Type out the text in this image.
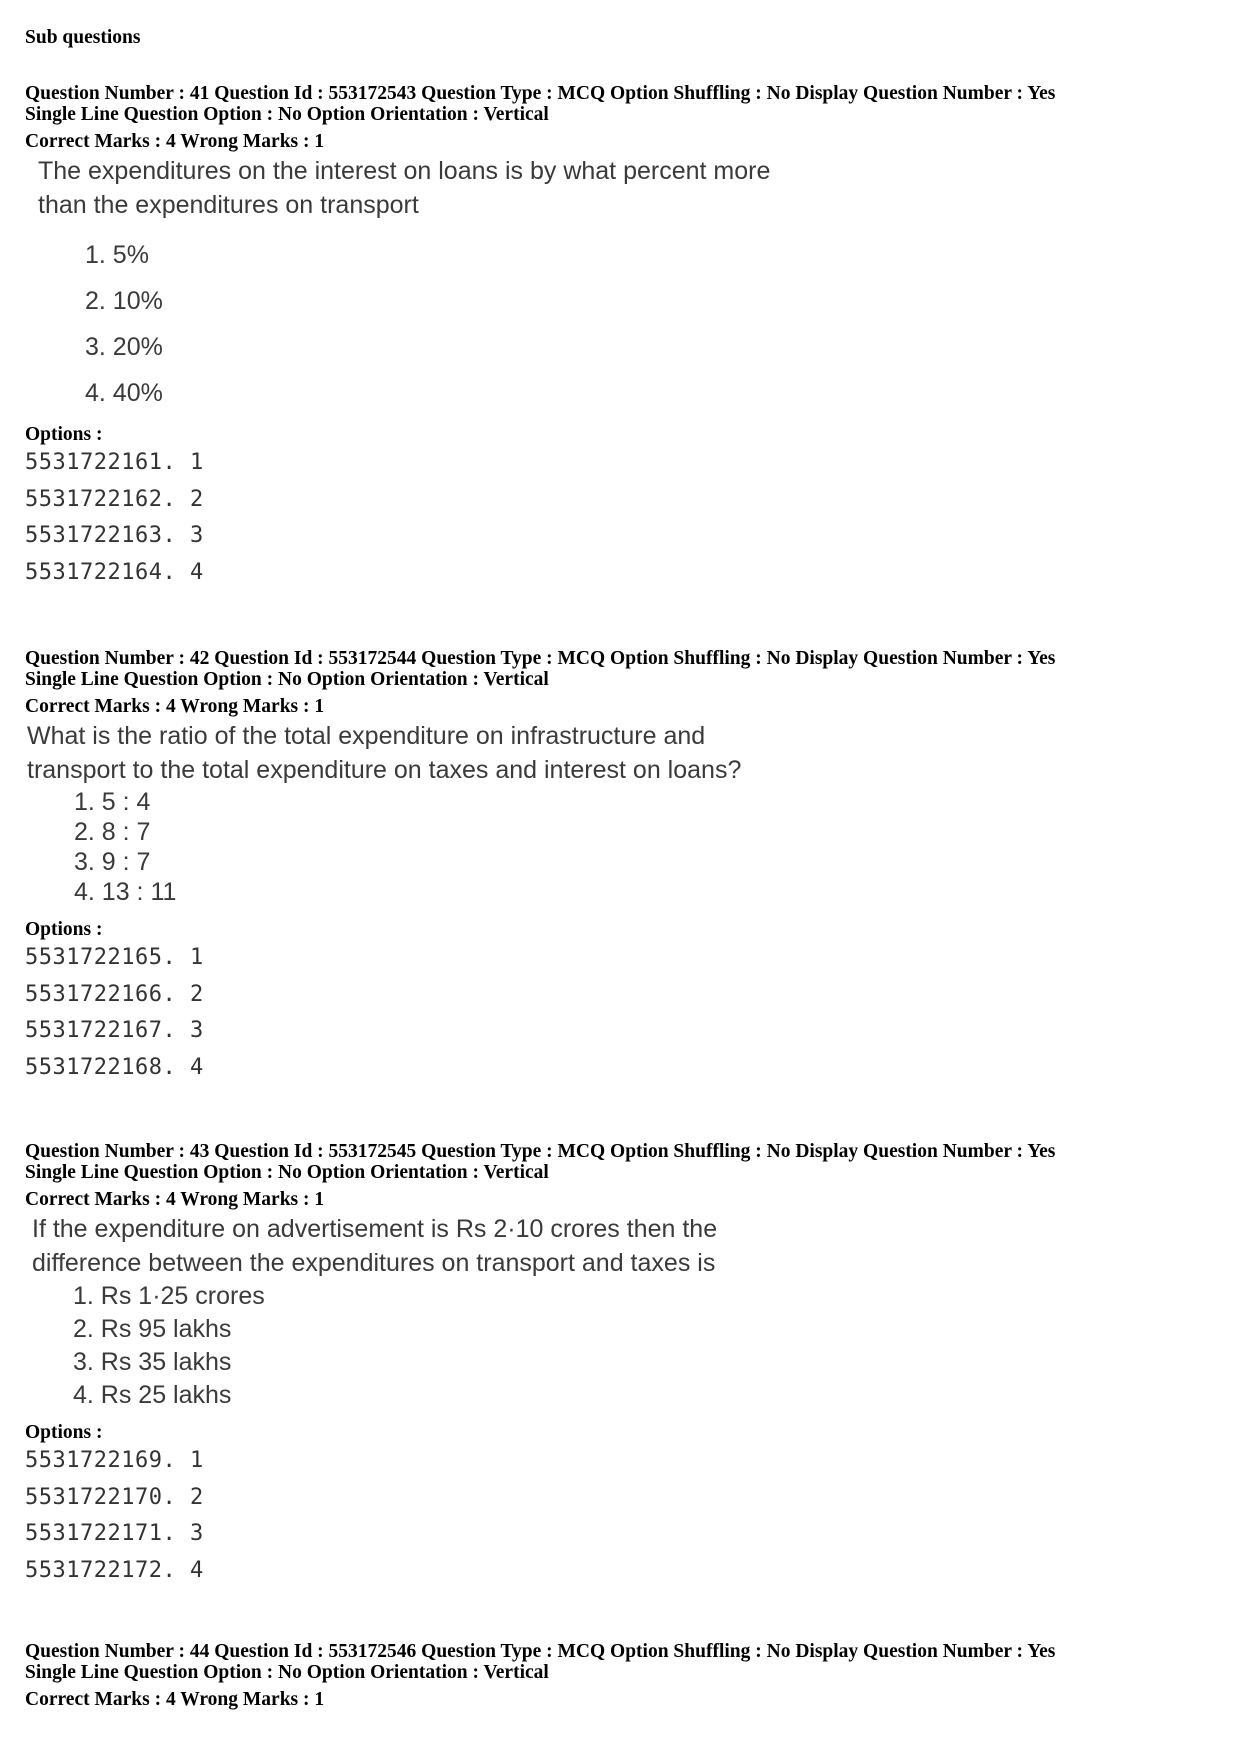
Sub questions
Question Number : 41 Question Id : 553172543 Question Type : MCQ Option Shuffling : No Display Question Number : Yes
Single Line Question Option : No Option Orientation : Vertical
Correct Marks : 4 Wrong Marks : 1
The expenditures on the interest on loans is by what percent more
than the expenditures on transport
1. 5%
2. 10%
3. 20%
4. 40%
Options :
5531722161. 1
5531722162. 2
5531722163. 3
5531722164. 4
Question Number : 42 Question Id : 553172544 Question Type : MCQ Option Shuffling : No Display Question Number : Yes
Single Line Question Option : No Option Orientation : Vertical
Correct Marks : 4 Wrong Marks : 1
What is the ratio of the total expenditure on infrastructure and
transport to the total expenditure on taxes and interest on loans?
1. 5 : 4
2. 8 : 7
3. 9 : 7
4. 13 : 11
Options :
5531722165. 1
5531722166. 2
5531722167. 3
5531722168. 4
Question Number : 43 Question Id : 553172545 Question Type : MCQ Option Shuffling : No Display Question Number : Yes
Single Line Question Option : No Option Orientation : Vertical
Correct Marks : 4 Wrong Marks : 1
If the expenditure on advertisement is Rs 2·10 crores then the
difference between the expenditures on transport and taxes is
1. Rs 1·25 crores
2. Rs 95 lakhs
3. Rs 35 lakhs
4. Rs 25 lakhs
Options :
5531722169. 1
5531722170. 2
5531722171. 3
5531722172. 4
Question Number : 44 Question Id : 553172546 Question Type : MCQ Option Shuffling : No Display Question Number : Yes
Single Line Question Option : No Option Orientation : Vertical
Correct Marks : 4 Wrong Marks : 1
